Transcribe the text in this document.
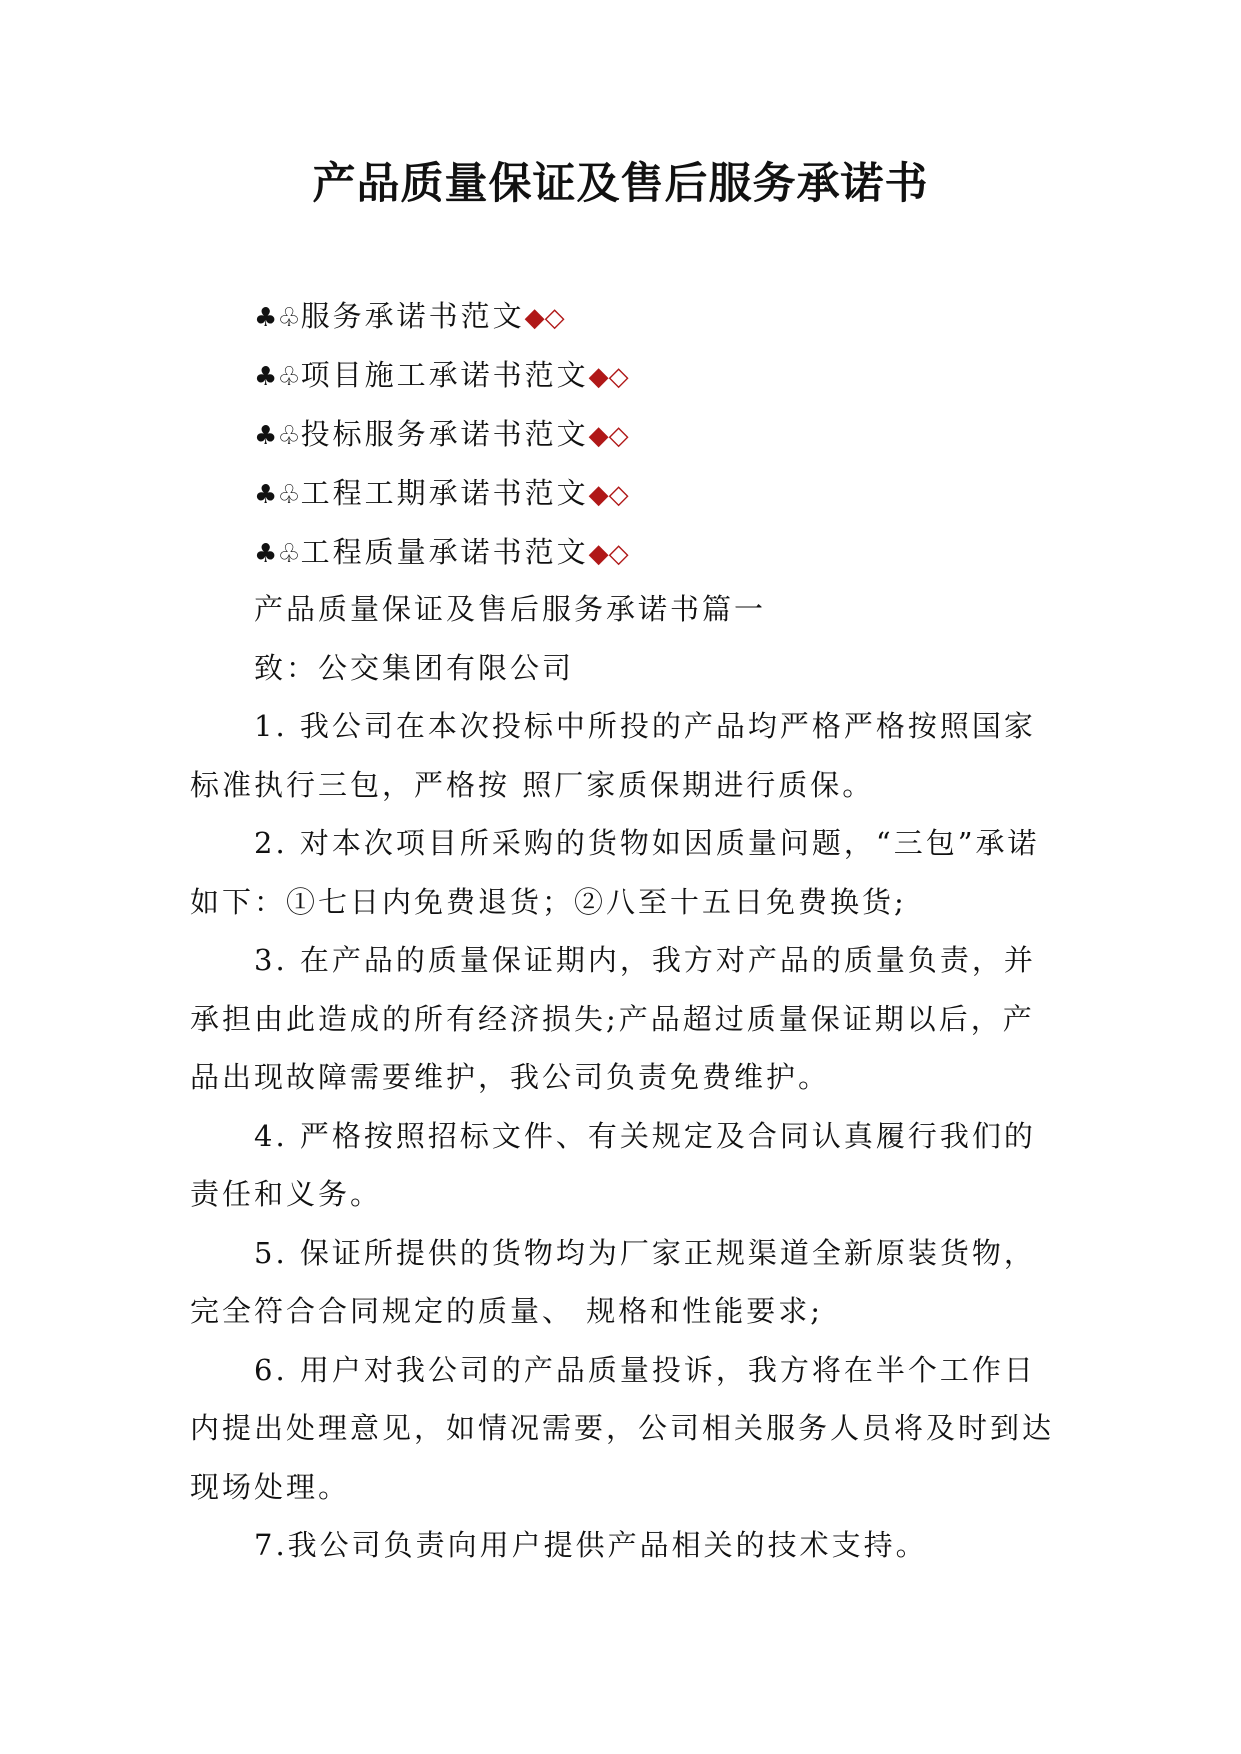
产品质量保证及售后服务承诺书
♣♧服务承诺书范文◆◇
♣♧项目施工承诺书范文◆◇
♣♧投标服务承诺书范文◆◇
♣♧工程工期承诺书范文◆◇
♣♧工程质量承诺书范文◆◇

产品质量保证及售后服务承诺书篇一

致：公交集团有限公司

1. 我公司在本次投标中所投的产品均严格严格按照国家标准执行三包，严格按 照厂家质保期进行质保。

2. 对本次项目所采购的货物如因质量问题，“三包”承诺如下：①七日内免费退货；②八至十五日免费换货;

3. 在产品的质量保证期内，我方对产品的质量负责，并承担由此造成的所有经济损失;产品超过质量保证期以后，产品出现故障需要维护，我公司负责免费维护。

4. 严格按照招标文件、有关规定及合同认真履行我们的责任和义务。

5. 保证所提供的货物均为厂家正规渠道全新原装货物，完全符合合同规定的质量、 规格和性能要求;

6. 用户对我公司的产品质量投诉，我方将在半个工作日内提出处理意见，如情况需要，公司相关服务人员将及时到达现场处理。

7.我公司负责向用户提供产品相关的技术支持。
